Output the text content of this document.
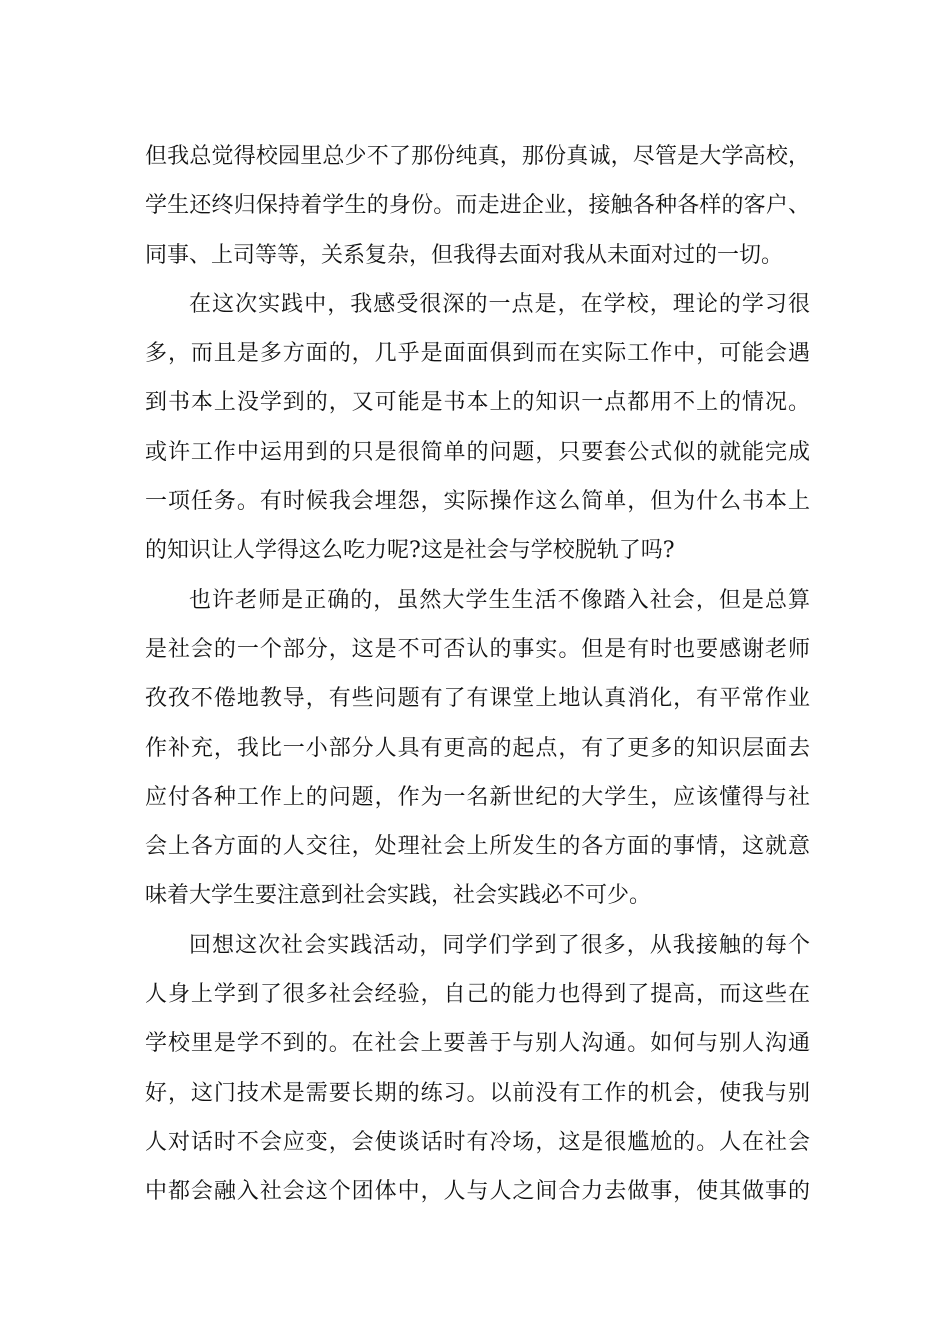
但我总觉得校园里总少不了那份纯真，那份真诚，尽管是大学高校，
学生还终归保持着学生的身份。而走进企业，接触各种各样的客户、
同事、上司等等，关系复杂，但我得去面对我从未面对过的一切。
在这次实践中，我感受很深的一点是，在学校，理论的学习很
多，而且是多方面的，几乎是面面俱到而在实际工作中，可能会遇
到书本上没学到的，又可能是书本上的知识一点都用不上的情况。
或许工作中运用到的只是很简单的问题，只要套公式似的就能完成
一项任务。有时候我会埋怨，实际操作这么简单，但为什么书本上
的知识让人学得这么吃力呢?这是社会与学校脱轨了吗?
也许老师是正确的，虽然大学生生活不像踏入社会，但是总算
是社会的一个部分，这是不可否认的事实。但是有时也要感谢老师
孜孜不倦地教导，有些问题有了有课堂上地认真消化，有平常作业
作补充，我比一小部分人具有更高的起点，有了更多的知识层面去
应付各种工作上的问题，作为一名新世纪的大学生，应该懂得与社
会上各方面的人交往，处理社会上所发生的各方面的事情，这就意
味着大学生要注意到社会实践，社会实践必不可少。
回想这次社会实践活动，同学们学到了很多，从我接触的每个
人身上学到了很多社会经验，自己的能力也得到了提高，而这些在
学校里是学不到的。在社会上要善于与别人沟通。如何与别人沟通
好，这门技术是需要长期的练习。以前没有工作的机会，使我与别
人对话时不会应变，会使谈话时有冷场，这是很尴尬的。人在社会
中都会融入社会这个团体中，人与人之间合力去做事，使其做事的
